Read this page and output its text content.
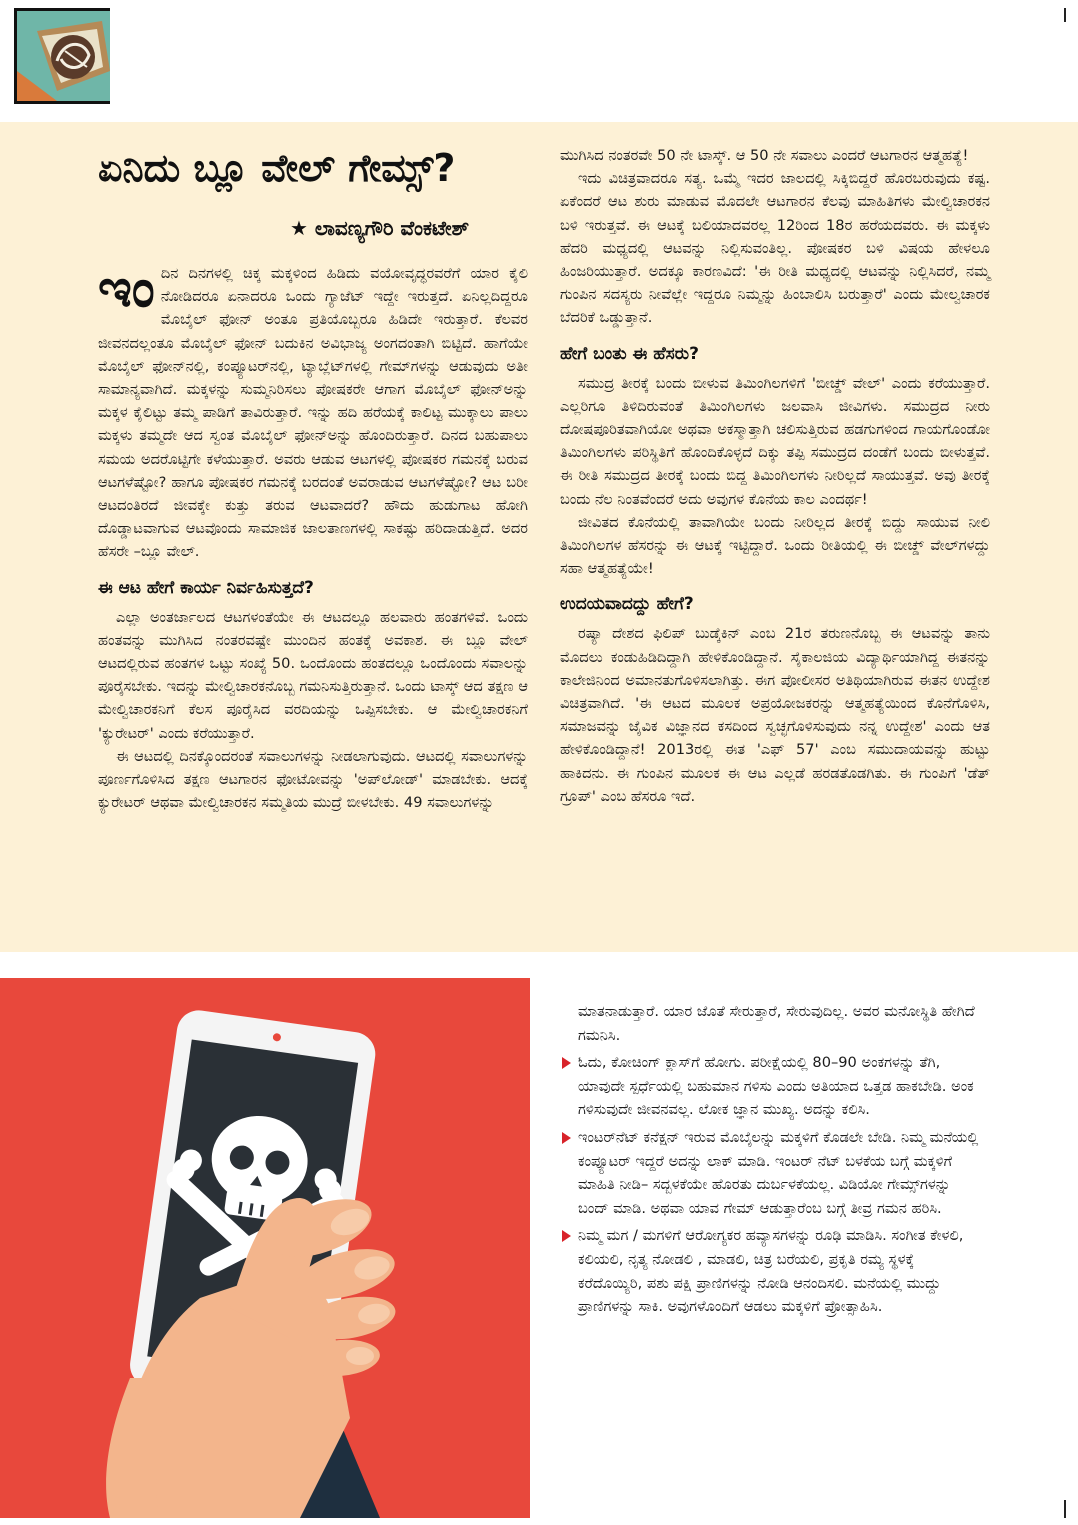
ಏನಿದು ಬ್ಲೂ ವೇಲ್ ಗೇಮ್ಸ್?
★ ಲಾವಣ್ಯಗೌರಿ ವೆಂಕಟೇಶ್

ಇಂದಿನ ದಿನಗಳಲ್ಲಿ ಚಿಕ್ಕ ಮಕ್ಕಳಿಂದ ಹಿಡಿದು ವಯೋವೃದ್ಧರವರೆಗೆ ಯಾರ ಕೈಲಿ ನೋಡಿದರೂ ಏನಾದರೂ ಒಂದು ಗ್ಯಾಜೆಟ್ ಇದ್ದೇ ಇರುತ್ತದೆ. ಏನಿಲ್ಲದಿದ್ದರೂ ಮೊಬೈಲ್ ಫೋನ್ ಅಂತೂ ಪ್ರತಿಯೊಬ್ಬರೂ ಹಿಡಿದೇ ಇರುತ್ತಾರೆ. ಕೆಲವರ ಜೀವನದಲ್ಲಂತೂ ಮೊಬೈಲ್ ಫೋನ್ ಬದುಕಿನ ಅವಿಭಾಜ್ಯ ಅಂಗದಂತಾಗಿ ಬಿಟ್ಟಿದೆ. ಹಾಗೆಯೇ ಮೊಬೈಲ್ ಫೋನ್‌ನಲ್ಲಿ, ಕಂಪ್ಯೂಟರ್‌ನಲ್ಲಿ, ಟ್ಯಾಬ್ಲೆಟ್‌ಗಳಲ್ಲಿ ಗೇಮ್‌ಗಳನ್ನು ಆಡುವುದು ಅತೀ ಸಾಮಾನ್ಯವಾಗಿದೆ. ಮಕ್ಕಳನ್ನು ಸುಮ್ಮನಿರಿಸಲು ಪೋಷಕರೇ ಆಗಾಗ ಮೊಬೈಲ್ ಫೋನ್‌ಅನ್ನು ಮಕ್ಕಳ ಕೈಲಿಟ್ಟು ತಮ್ಮ ಪಾಡಿಗೆ ತಾವಿರುತ್ತಾರೆ. ಇನ್ನು ಹದಿ ಹರೆಯಕ್ಕೆ ಕಾಲಿಟ್ಟ ಮುಕ್ಕಾಲು ಪಾಲು ಮಕ್ಕಳು ತಮ್ಮದೇ ಆದ ಸ್ವಂತ ಮೊಬೈಲ್ ಫೋನ್‌ಅನ್ನು ಹೊಂದಿರುತ್ತಾರೆ. ದಿನದ ಬಹುಪಾಲು ಸಮಯ ಅದರೊಟ್ಟಿಗೇ ಕಳೆಯುತ್ತಾರೆ. ಅವರು ಆಡುವ ಆಟಗಳಲ್ಲಿ ಪೋಷಕರ ಗಮನಕ್ಕೆ ಬರುವ ಆಟಗಳೆಷ್ಟೋ? ಹಾಗೂ ಪೋಷಕರ ಗಮನಕ್ಕೆ ಬರದಂತೆ ಅವರಾಡುವ ಆಟಗಳೆಷ್ಟೋ? ಆಟ ಬರೀ ಆಟದಂತಿರದೆ ಜೀವಕ್ಕೇ ಕುತ್ತು ತರುವ ಆಟವಾದರೆ? ಹೌದು ಹುಡುಗಾಟ ಹೋಗಿ ದೊಡ್ಡಾಟವಾಗುವ ಆಟವೊಂದು ಸಾಮಾಜಿಕ ಜಾಲತಾಣಗಳಲ್ಲಿ ಸಾಕಷ್ಟು ಹರಿದಾಡುತ್ತಿದೆ. ಅದರ ಹೆಸರೇ –ಬ್ಲೂ ವೇಲ್.

ಈ ಆಟ ಹೇಗೆ ಕಾರ್ಯ ನಿರ್ವಹಿಸುತ್ತದೆ?

ಎಲ್ಲಾ ಅಂತರ್ಜಾಲದ ಆಟಗಳಂತೆಯೇ ಈ ಆಟದಲ್ಲೂ ಹಲವಾರು ಹಂತಗಳಿವೆ. ಒಂದು ಹಂತವನ್ನು ಮುಗಿಸಿದ ನಂತರವಷ್ಟೇ ಮುಂದಿನ ಹಂತಕ್ಕೆ ಅವಕಾಶ. ಈ ಬ್ಲೂ ವೇಲ್ ಆಟದಲ್ಲಿರುವ ಹಂತಗಳ ಒಟ್ಟು ಸಂಖ್ಯೆ 50. ಒಂದೊಂದು ಹಂತದಲ್ಲೂ ಒಂದೊಂದು ಸವಾಲನ್ನು ಪೂರೈಸಬೇಕು. ಇದನ್ನು ಮೇಲ್ವಿಚಾರಕನೊಬ್ಬ ಗಮನಿಸುತ್ತಿರುತ್ತಾನೆ. ಒಂದು ಟಾಸ್ಕ್ ಆದ ತಕ್ಷಣ ಆ ಮೇಲ್ವಿಚಾರಕನಿಗೆ ಕೆಲಸ ಪೂರೈಸಿದ ವರದಿಯನ್ನು ಒಪ್ಪಿಸಬೇಕು. ಆ ಮೇಲ್ವಿಚಾರಕನಿಗೆ 'ಕ್ಯುರೇಟರ್' ಎಂದು ಕರೆಯುತ್ತಾರೆ.

ಈ ಆಟದಲ್ಲಿ ದಿನಕ್ಕೊಂದರಂತೆ ಸವಾಲುಗಳನ್ನು ನೀಡಲಾಗುವುದು. ಆಟದಲ್ಲಿ ಸವಾಲುಗಳನ್ನು ಪೂರ್ಣಗೊಳಿಸಿದ ತಕ್ಷಣ ಆಟಗಾರನ ಫೋಟೋವನ್ನು 'ಅಪ್‌ಲೋಡ್' ಮಾಡಬೇಕು. ಆದಕ್ಕೆ ಕ್ಯುರೇಟರ್ ಆಥವಾ ಮೇಲ್ವಿಚಾರಕನ ಸಮ್ಮತಿಯ ಮುದ್ರೆ ಬೀಳಬೇಕು. 49 ಸವಾಲುಗಳನ್ನು

ಮುಗಿಸಿದ ನಂತರವೇ 50 ನೇ ಟಾಸ್ಕ್. ಆ 50 ನೇ ಸವಾಲು ಎಂದರೆ ಆಟಗಾರನ ಆತ್ಮಹತ್ಯೆ!

ಇದು ವಿಚಿತ್ರವಾದರೂ ಸತ್ಯ. ಒಮ್ಮೆ ಇದರ ಜಾಲದಲ್ಲಿ ಸಿಕ್ಕಿಬಿದ್ದರೆ ಹೊರಬರುವುದು ಕಷ್ಟ. ಏಕೆಂದರೆ ಆಟ ಶುರು ಮಾಡುವ ಮೊದಲೇ ಆಟಗಾರನ ಕೆಲವು ಮಾಹಿತಿಗಳು ಮೇಲ್ವಿಚಾರಕನ ಬಳಿ ಇರುತ್ತವೆ. ಈ ಆಟಕ್ಕೆ ಬಲಿಯಾದವರಲ್ಲ 12ರಿಂದ 18ರ ಹರೆಯದವರು. ಈ ಮಕ್ಕಳು ಹೆದರಿ ಮಧ್ಯದಲ್ಲಿ ಆಟವನ್ನು ನಿಲ್ಲಿಸುವಂತಿಲ್ಲ. ಪೋಷಕರ ಬಳಿ ವಿಷಯ ಹೇಳಲೂ ಹಿಂಜರಿಯುತ್ತಾರೆ. ಅದಕ್ಕೂ ಕಾರಣವಿದೆ: 'ಈ ರೀತಿ ಮಧ್ಯದಲ್ಲಿ ಆಟವನ್ನು ನಿಲ್ಲಿಸಿದರೆ, ನಮ್ಮ ಗುಂಪಿನ ಸದಸ್ಯರು ನೀವೆಲ್ಲೇ ಇದ್ದರೂ ನಿಮ್ಮನ್ನು ಹಿಂಬಾಲಿಸಿ ಬರುತ್ತಾರೆ' ಎಂದು ಮೇಲ್ವಚಾರಕ ಬೆದರಿಕೆ ಒಡ್ಡುತ್ತಾನೆ.

ಹೇಗೆ ಬಂತು ಈ ಹೆಸರು?

ಸಮುದ್ರ ತೀರಕ್ಕೆ ಬಂದು ಬೀಳುವ ತಿಮಿಂಗಿಲಗಳಿಗೆ 'ಬೀಚ್ಡ್ ವೇಲ್' ಎಂದು ಕರೆಯುತ್ತಾರೆ. ಎಲ್ಲರಿಗೂ ತಿಳಿದಿರುವಂತೆ ತಿಮಿಂಗಿಲಗಳು ಜಲವಾಸಿ ಜೀವಿಗಳು. ಸಮುದ್ರದ ನೀರು ದೋಷಪೂರಿತವಾಗಿಯೋ ಅಥವಾ ಅಕಸ್ಮಾತ್ತಾಗಿ ಚಲಿಸುತ್ತಿರುವ ಹಡಗುಗಳಿಂದ ಗಾಯಗೊಂಡೋ ತಿಮಿಂಗಿಲಗಳು ಪರಿಸ್ಥಿತಿಗೆ ಹೊಂದಿಕೊಳ್ಳದೆ ದಿಕ್ಕು ತಪ್ಪಿ ಸಮುದ್ರದ ದಂಡೆಗೆ ಬಂದು ಬೀಳುತ್ತವೆ. ಈ ರೀತಿ ಸಮುದ್ರದ ತೀರಕ್ಕೆ ಬಂದು ಬಿದ್ದ ತಿಮಿಂಗಿಲಗಳು ನೀರಿಲ್ಲದೆ ಸಾಯುತ್ತವೆ. ಅವು ತೀರಕ್ಕೆ ಬಂದು ನೆಲ ನಿಂತವೆಂದರೆ ಅದು ಅವುಗಳ ಕೊನೆಯ ಕಾಲ ಎಂದರ್ಥ!

ಜೀವಿತದ ಕೊನೆಯಲ್ಲಿ ತಾವಾಗಿಯೇ ಬಂದು ನೀರಿಲ್ಲದ ತೀರಕ್ಕೆ ಬಿದ್ದು ಸಾಯುವ ನೀಲಿ ತಿಮಿಂಗಿಲಗಳ ಹೆಸರನ್ನು ಈ ಆಟಕ್ಕೆ ಇಟ್ಟಿದ್ದಾರೆ. ಒಂದು ರೀತಿಯಲ್ಲಿ ಈ ಬೀಚ್ಡ್ ವೇಲ್‌ಗಳದ್ದು ಸಹಾ ಆತ್ಮಹತ್ಯೆಯೇ!

ಉದಯವಾದದ್ದು ಹೇಗೆ?

ರಷ್ಯಾ ದೇಶದ ಫಿಲಿಪ್ ಬುಡ್ಕೆಕಿನ್ ಎಂಬ 21ರ ತರುಣನೊಬ್ಬ ಈ ಆಟವನ್ನು ತಾನು ಮೊದಲು ಕಂಡುಹಿಡಿದಿದ್ದಾಗಿ ಹೇಳಿಕೊಂಡಿದ್ದಾನೆ. ಸೈಕಾಲಜಿಯ ವಿದ್ಯಾರ್ಥಿಯಾಗಿದ್ದ ಈತನನ್ನು ಕಾಲೇಜಿನಿಂದ ಅಮಾನತುಗೊಳಿಸಲಾಗಿತ್ತು. ಈಗ ಪೋಲೀಸರ ಅತಿಥಿಯಾಗಿರುವ ಈತನ ಉದ್ದೇಶ ವಿಚಿತ್ರವಾಗಿದೆ. 'ಈ ಆಟದ ಮೂಲಕ ಅಪ್ರಯೋಜಕರನ್ನು ಆತ್ಮಹತ್ಯೆಯಿಂದ ಕೊನೆಗೊಳಿಸಿ, ಸಮಾಜವನ್ನು ಜೈವಿಕ ವಿಜ್ಞಾನದ ಕಸದಿಂದ ಸ್ವಚ್ಛಗೊಳಿಸುವುದು ನನ್ನ ಉದ್ದೇಶ' ಎಂದು ಆತ ಹೇಳಿಕೊಂಡಿದ್ದಾನೆ! 2013ರಲ್ಲಿ ಈತ 'ಎಫ್ 57' ಎಂಬ ಸಮುದಾಯವನ್ನು ಹುಟ್ಟು ಹಾಕಿದನು. ಈ ಗುಂಪಿನ ಮೂಲಕ ಈ ಆಟ ಎಲ್ಲಡೆ ಹರಡತೊಡಗಿತು. ಈ ಗುಂಪಿಗೆ 'ಡೆತ್ ಗ್ರೂಪ್' ಎಂಬ ಹೆಸರೂ ಇದೆ.

ಮಾತನಾಡುತ್ತಾರೆ. ಯಾರ ಜೊತೆ ಸೇರುತ್ತಾರೆ, ಸೇರುವುದಿಲ್ಲ. ಅವರ ಮನೋಸ್ಥಿತಿ ಹೇಗಿದೆ ಗಮನಿಸಿ.
ಓದು, ಕೋಚಿಂಗ್ ಕ್ಲಾಸ್‌ಗೆ ಹೋಗು. ಪರೀಕ್ಷೆಯಲ್ಲಿ 80–90 ಅಂಕಗಳನ್ನು ತೆಗಿ, ಯಾವುದೇ ಸ್ಪರ್ಧೆಯಲ್ಲಿ ಬಹುಮಾನ ಗಳಿಸು ಎಂದು ಅತಿಯಾದ ಒತ್ತಡ ಹಾಕಬೇಡಿ. ಅಂಕ ಗಳಿಸುವುದೇ ಜೀವನವಲ್ಲ. ಲೋಕ ಜ್ಞಾನ ಮುಖ್ಯ. ಅದನ್ನು ಕಲಿಸಿ.
ಇಂಟರ್‌ನೆಟ್ ಕನೆಕ್ಷನ್ ಇರುವ ಮೊಬೈಲನ್ನು ಮಕ್ಕಳಿಗೆ ಕೊಡಲೇ ಬೇಡಿ. ನಿಮ್ಮ ಮನೆಯಲ್ಲಿ ಕಂಪ್ಯೂಟರ್ ಇದ್ದರೆ ಅದನ್ನು ಲಾಕ್ ಮಾಡಿ. ಇಂಟರ್ ನೆಟ್ ಬಳಕೆಯ ಬಗ್ಗೆ ಮಕ್ಕಳಿಗೆ ಮಾಹಿತಿ ನೀಡಿ– ಸದ್ಬಳಕೆಯೇ ಹೊರತು ದುರ್ಬಳಕೆಯಲ್ಲ. ವಿಡಿಯೋ ಗೇಮ್ಸ್‌ಗಳನ್ನು ಬಂದ್ ಮಾಡಿ. ಅಥವಾ ಯಾವ ಗೇಮ್ ಆಡುತ್ತಾರೆಂಬ ಬಗ್ಗೆ ತೀವ್ರ ಗಮನ ಹರಿಸಿ.
ನಿಮ್ಮ ಮಗ / ಮಗಳಿಗೆ ಆರೋಗ್ಯಕರ ಹವ್ಯಾಸಗಳನ್ನು ರೂಢಿ ಮಾಡಿಸಿ. ಸಂಗೀತ ಕೇಳಲಿ, ಕಲಿಯಲಿ, ನೃತ್ಯ ನೋಡಲಿ , ಮಾಡಲಿ, ಚಿತ್ರ ಬರೆಯಲಿ, ಪ್ರಕೃತಿ ರಮ್ಯ ಸ್ಥಳಕ್ಕೆ ಕರೆದೊಯ್ಯಿರಿ, ಪಶು ಪಕ್ಷಿ ಪ್ರಾಣಿಗಳನ್ನು ನೋಡಿ ಆನಂದಿಸಲಿ. ಮನೆಯಲ್ಲಿ ಮುದ್ದು ಪ್ರಾಣಿಗಳನ್ನು ಸಾಕಿ. ಅವುಗಳೊಂದಿಗೆ ಆಡಲು ಮಕ್ಕಳಿಗೆ ಪ್ರೋತ್ಸಾಹಿಸಿ.
